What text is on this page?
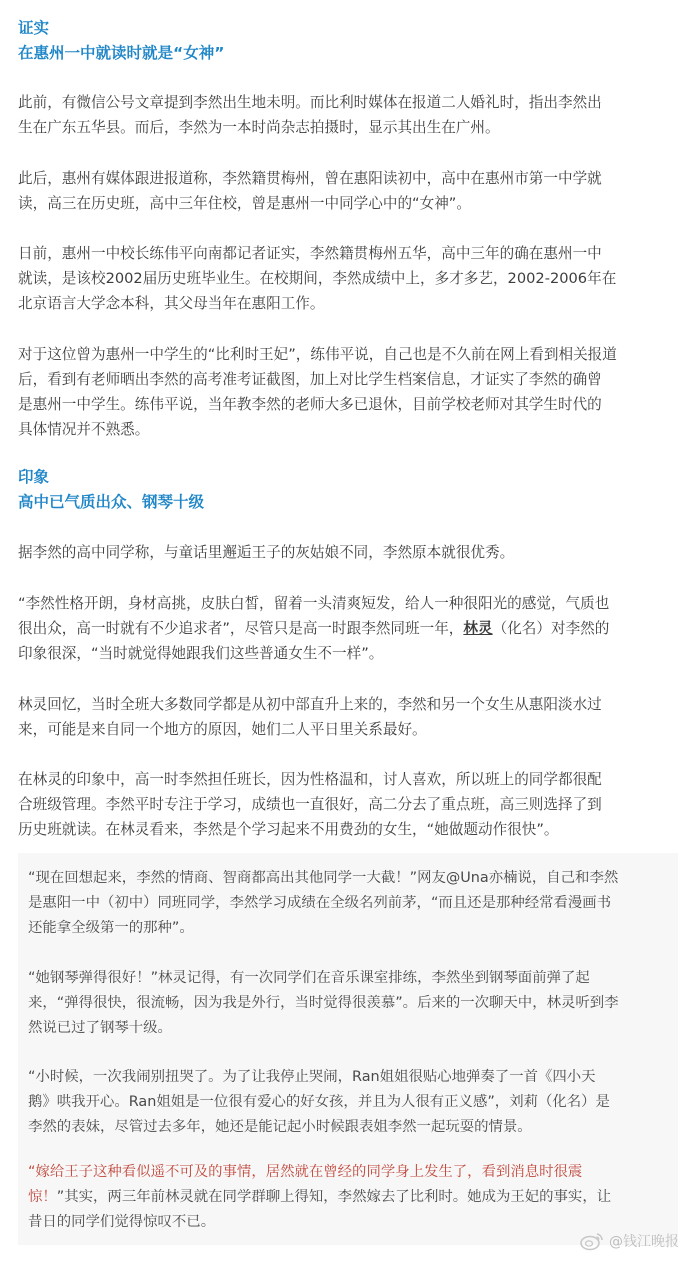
证实
在惠州一中就读时就是“女神”
此前，有微信公号文章提到李然出生地未明。而比利时媒体在报道二人婚礼时，指出李然出
生在广东五华县。而后，李然为一本时尚杂志拍摄时，显示其出生在广州。
此后，惠州有媒体跟进报道称，李然籍贯梅州，曾在惠阳读初中，高中在惠州市第一中学就
读，高三在历史班，高中三年住校，曾是惠州一中同学心中的“女神”。
日前，惠州一中校长练伟平向南都记者证实，李然籍贯梅州五华，高中三年的确在惠州一中
就读，是该校2002届历史班毕业生。在校期间，李然成绩中上，多才多艺，2002-2006年在
北京语言大学念本科，其父母当年在惠阳工作。
对于这位曾为惠州一中学生的“比利时王妃”，练伟平说，自己也是不久前在网上看到相关报道
后，看到有老师晒出李然的高考准考证截图，加上对比学生档案信息，才证实了李然的确曾
是惠州一中学生。练伟平说，当年教李然的老师大多已退休，目前学校老师对其学生时代的
具体情况并不熟悉。
印象
高中已气质出众、钢琴十级
据李然的高中同学称，与童话里邂逅王子的灰姑娘不同，李然原本就很优秀。
“李然性格开朗，身材高挑，皮肤白皙，留着一头清爽短发，给人一种很阳光的感觉，气质也
很出众，高一时就有不少追求者”，尽管只是高一时跟李然同班一年，林灵（化名）对李然的
印象很深，“当时就觉得她跟我们这些普通女生不一样”。
林灵回忆，当时全班大多数同学都是从初中部直升上来的，李然和另一个女生从惠阳淡水过
来，可能是来自同一个地方的原因，她们二人平日里关系最好。
在林灵的印象中，高一时李然担任班长，因为性格温和，讨人喜欢，所以班上的同学都很配
合班级管理。李然平时专注于学习，成绩也一直很好，高二分去了重点班，高三则选择了到
历史班就读。在林灵看来，李然是个学习起来不用费劲的女生，“她做题动作很快”。
“现在回想起来，李然的情商、智商都高出其他同学一大截！”网友@Una亦楠说，自己和李然
是惠阳一中（初中）同班同学，李然学习成绩在全级名列前茅，“而且还是那种经常看漫画书
还能拿全级第一的那种”。
“她钢琴弹得很好！”林灵记得，有一次同学们在音乐课室排练，李然坐到钢琴面前弹了起
来，“弹得很快，很流畅，因为我是外行，当时觉得很羡慕”。后来的一次聊天中，林灵听到李
然说已过了钢琴十级。
“小时候，一次我闹别扭哭了。为了让我停止哭闹，Ran姐姐很贴心地弹奏了一首《四小天
鹅》哄我开心。Ran姐姐是一位很有爱心的好女孩，并且为人很有正义感”，刘莉（化名）是
李然的表妹，尽管过去多年，她还是能记起小时候跟表姐李然一起玩耍的情景。
“嫁给王子这种看似遥不可及的事情，居然就在曾经的同学身上发生了，看到消息时很震
惊！”其实，两三年前林灵就在同学群聊上得知，李然嫁去了比利时。她成为王妃的事实，让
昔日的同学们觉得惊叹不已。
@钱江晚报
